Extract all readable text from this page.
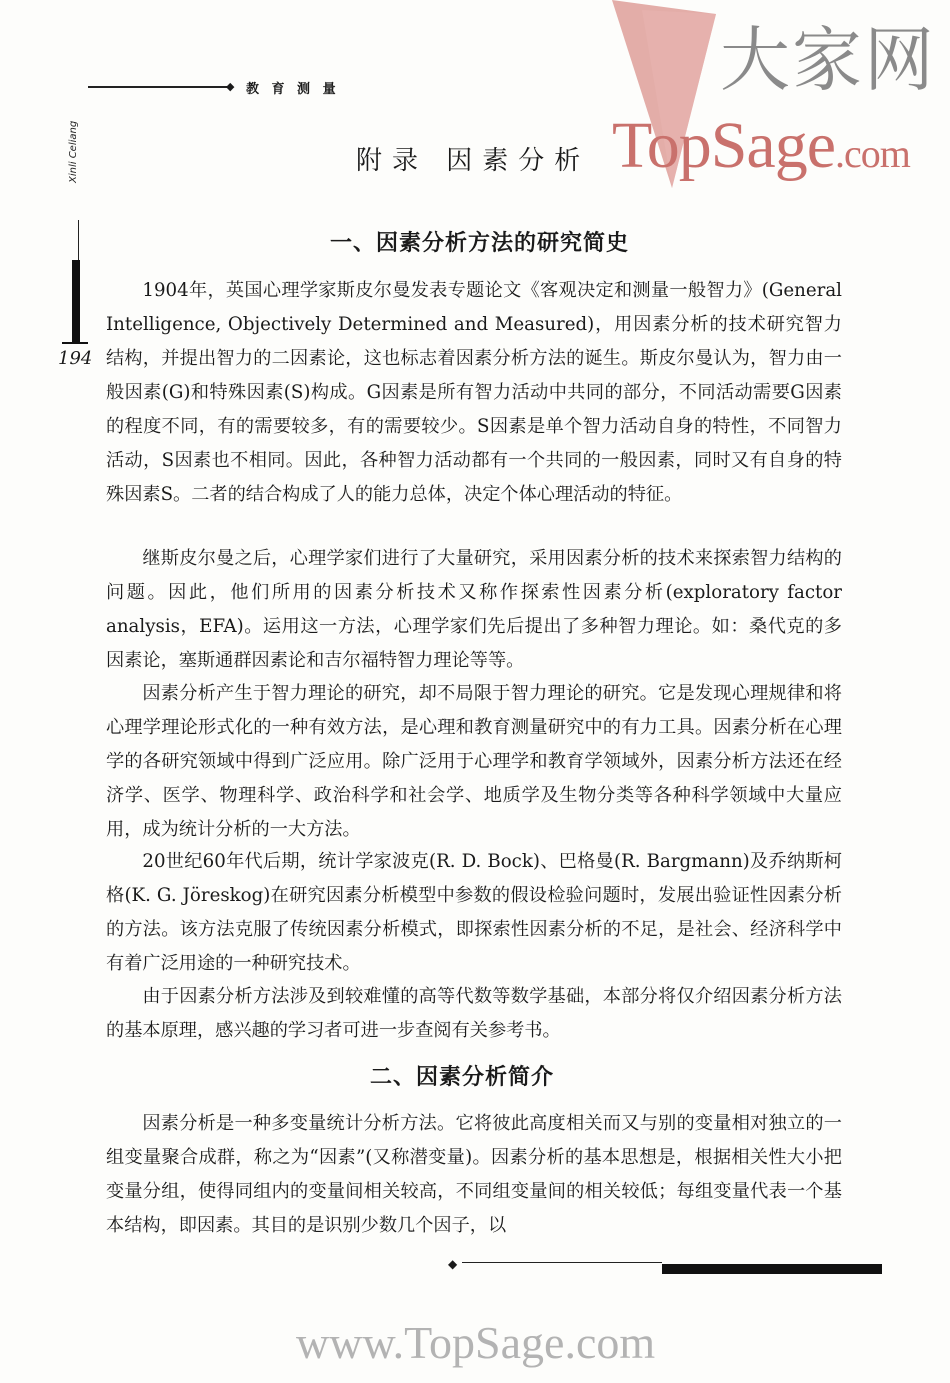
◆ 教 育 测 量
Xinli Celiang
194
大家网
TopSage.com
附录 因素分析
一、因素分析方法的研究简史

1904年，英国心理学家斯皮尔曼发表专题论文《客观决定和测量一般智力》(General Intelligence, Objectively Determined and Measured)，用因素分析的技术研究智力结构，并提出智力的二因素论，这也标志着因素分析方法的诞生。斯皮尔曼认为，智力由一般因素(G)和特殊因素(S)构成。G因素是所有智力活动中共同的部分，不同活动需要G因素的程度不同，有的需要较多，有的需要较少。S因素是单个智力活动自身的特性，不同智力活动，S因素也不相同。因此，各种智力活动都有一个共同的一般因素，同时又有自身的特殊因素S。二者的结合构成了人的能力总体，决定个体心理活动的特征。

继斯皮尔曼之后，心理学家们进行了大量研究，采用因素分析的技术来探索智力结构的问题。因此，他们所用的因素分析技术又称作探索性因素分析(exploratory factor analysis，EFA)。运用这一方法，心理学家们先后提出了多种智力理论。如：桑代克的多因素论，塞斯通群因素论和吉尔福特智力理论等等。

因素分析产生于智力理论的研究，却不局限于智力理论的研究。它是发现心理规律和将心理学理论形式化的一种有效方法，是心理和教育测量研究中的有力工具。因素分析在心理学的各研究领域中得到广泛应用。除广泛用于心理学和教育学领域外，因素分析方法还在经济学、医学、物理科学、政治科学和社会学、地质学及生物分类等各种科学领域中大量应用，成为统计分析的一大方法。

20世纪60年代后期，统计学家波克(R. D. Bock)、巴格曼(R. Bargmann)及乔纳斯柯格(K. G. Jöreskog)在研究因素分析模型中参数的假设检验问题时，发展出验证性因素分析的方法。该方法克服了传统因素分析模式，即探索性因素分析的不足，是社会、经济科学中有着广泛用途的一种研究技术。

由于因素分析方法涉及到较难懂的高等代数等数学基础，本部分将仅介绍因素分析方法的基本原理，感兴趣的学习者可进一步查阅有关参考书。

二、因素分析简介

因素分析是一种多变量统计分析方法。它将彼此高度相关而又与别的变量相对独立的一组变量聚合成群，称之为“因素”(又称潜变量)。因素分析的基本思想是，根据相关性大小把变量分组，使得同组内的变量间相关较高，不同组变量间的相关较低；每组变量代表一个基本结构，即因素。其目的是识别少数几个因子，以

◆
www.TopSage.com
